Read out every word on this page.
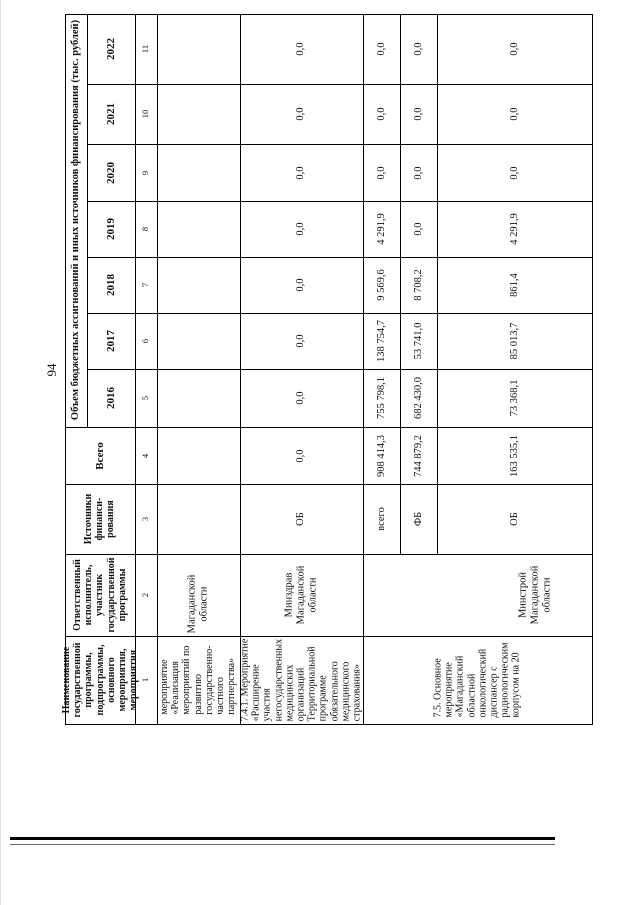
94	Объем бюджетных ассигнований и иных источников финансирования (тыс. рублей)
Наименование
государственной
программы,
подпрограммы,
основного
мероприятия,
мероприятия
Ответственный
исполнитель,
участник
государственной
программы
Источники
финанси-
рования
Всего
2016
2017
2018
2019
2020
2021
2022
1
2
3
4
5
6
7
8
9
10
11
мероприятие
«Реализация
мероприятий по
развитию
государственно-
частного
партнерства»
Магаданской
области
7.4.1. Мероприятие
«Расширение
участия
негосударственных
медицинских
организаций
Территориальной
программе
обязательного
медицинского
страхования»
Минздрав
Магаданской
области
ОБ
0,0
0,0
0,0
0,0
0,0
0,0
0,0
0,0
7.5. Основное
мероприятие
«Магаданский
областной
онкологический
диспансер с
радиологическим
корпусом на 20
Минстрой
Магаданской
области
всего
908 414,3
755 798,1
138 754,7
9 569,6
4 291,9
0,0
0,0
0,0
ФБ
744 879,2
682 430,0
53 741,0
8 708,2
0,0
0,0
0,0
0,0
ОБ
163 535,1
73 368,1
85 013,7
861,4
4 291,9
0,0
0,0
0,0
